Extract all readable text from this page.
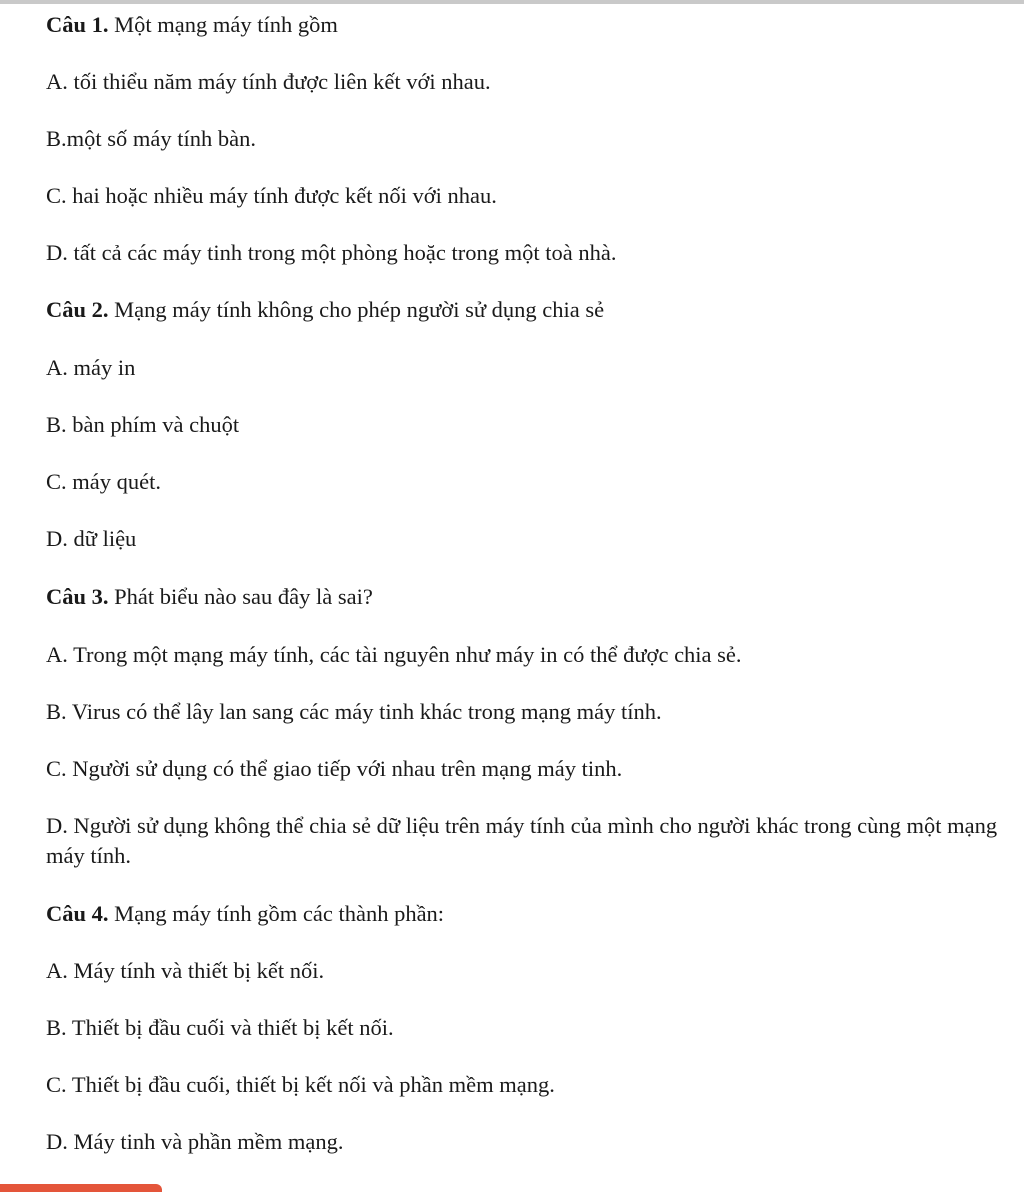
Câu 1. Một mạng máy tính gồm
A. tối thiểu năm máy tính được liên kết với nhau.
B.một số máy tính bàn.
C. hai hoặc nhiều máy tính được kết nối với nhau.
D. tất cả các máy tinh trong một phòng hoặc trong một toà nhà.
Câu 2. Mạng máy tính không cho phép người sử dụng chia sẻ
A. máy in
B. bàn phím và chuột
C. máy quét.
D. dữ liệu
Câu 3. Phát biểu nào sau đây là sai?
A. Trong một mạng máy tính, các tài nguyên như máy in có thể được chia sẻ.
B. Virus có thể lây lan sang các máy tinh khác trong mạng máy tính.
C. Người sử dụng có thể giao tiếp với nhau trên mạng máy tinh.
D. Người sử dụng không thể chia sẻ dữ liệu trên máy tính của mình cho người khác trong cùng một mạng máy tính.
Câu 4. Mạng máy tính gồm các thành phần:
A. Máy tính và thiết bị kết nối.
B. Thiết bị đầu cuối và thiết bị kết nối.
C. Thiết bị đầu cuối, thiết bị kết nối và phần mềm mạng.
D. Máy tinh và phần mềm mạng.
